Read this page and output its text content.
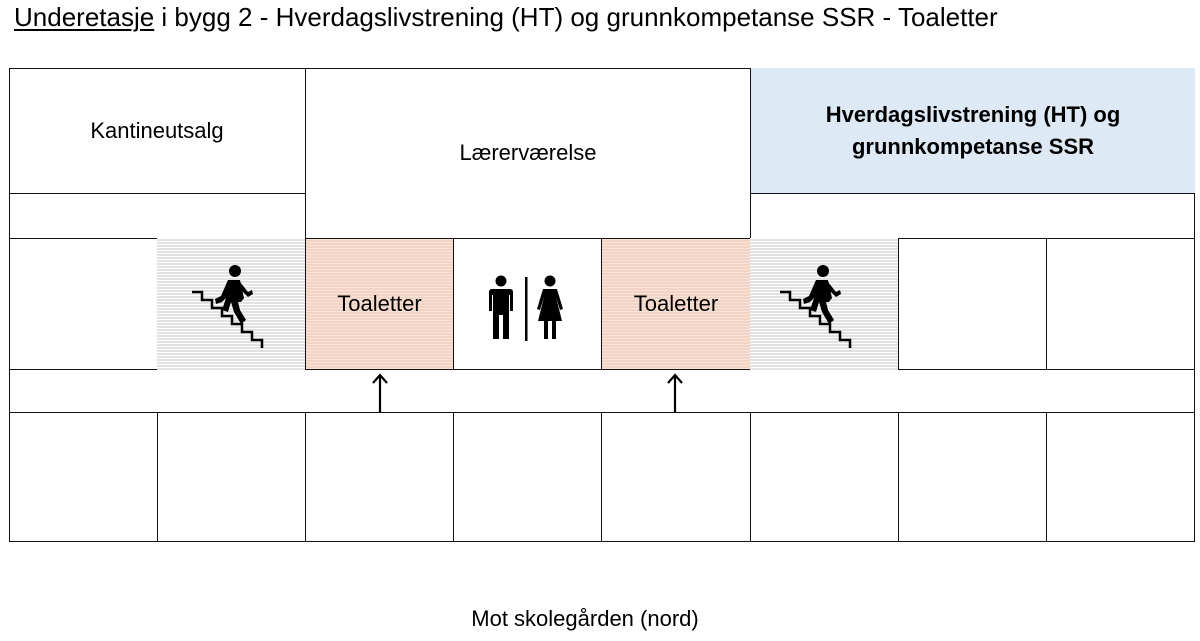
Underetasje i bygg 2 - Hverdagslivstrening (HT) og grunnkompetanse SSR - Toaletter
Kantineutsalg
Lærerværelse
Hverdagslivstrening (HT) og grunnkompetanse SSR
Toaletter	Toaletter
Mot skolegården (nord)
